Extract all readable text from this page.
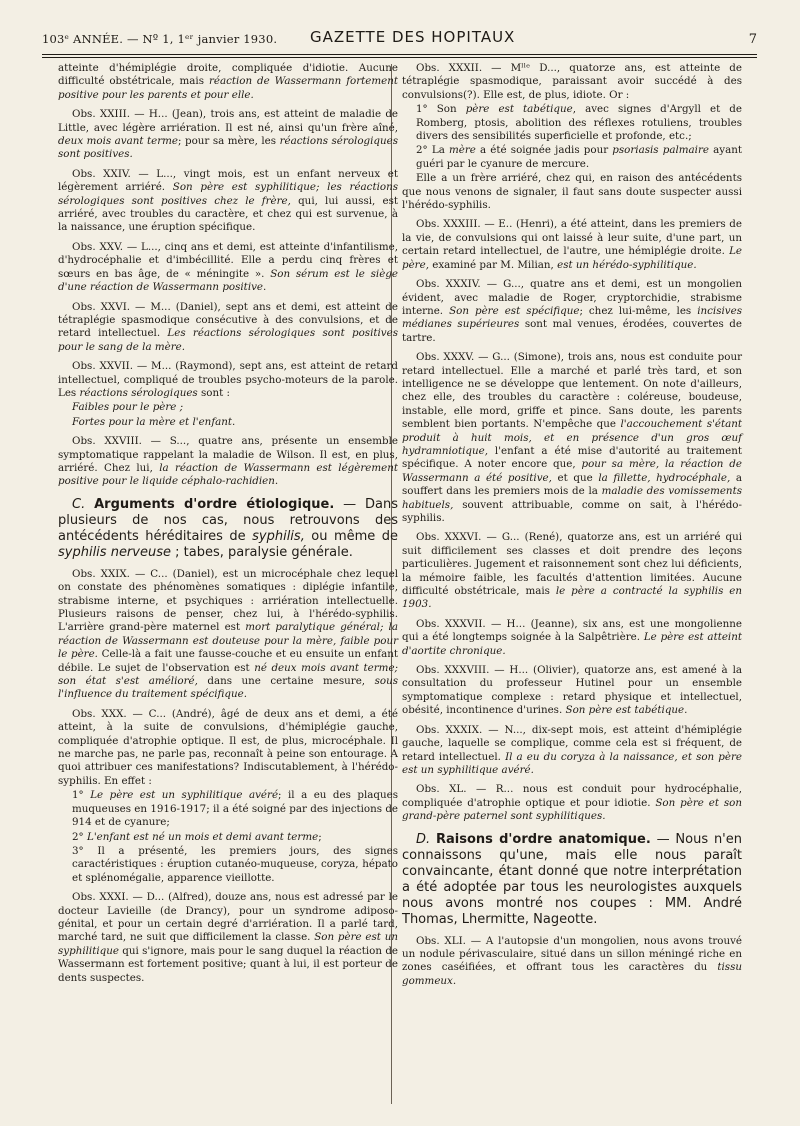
103ᵉ ANNÉE. — Nº 1, 1ᵉʳ janvier 1930. GAZETTE DES HOPITAUX	7

atteinte d'hémiplégie droite, compliquée d'idiotie. Aucune difficulté obstétricale, mais réaction de Wassermann fortement positive pour les parents et pour elle.

Obs. XXIII. — H... (Jean), trois ans, est atteint de maladie de Little, avec légère arriération. Il est né, ainsi qu'un frère aîné, deux mois avant terme; pour sa mère, les réactions sérologiques sont positives.

Obs. XXIV. — L..., vingt mois, est un enfant nerveux et légèrement arriéré. Son père est syphilitique; les réactions sérologiques sont positives chez le frère, qui, lui aussi, est arriéré, avec troubles du caractère, et chez qui est survenue, à la naissance, une éruption spécifique.

Obs. XXV. — L..., cinq ans et demi, est atteinte d'infantilisme, d'hydrocéphalie et d'imbécillité. Elle a perdu cinq frères et sœurs en bas âge, de « méningite ». Son sérum est le siège d'une réaction de Wassermann positive.

Obs. XXVI. — M... (Daniel), sept ans et demi, est atteint de tétraplégie spasmodique consécutive à des convulsions, et de retard intellectuel. Les réactions sérologiques sont positives pour le sang de la mère.

Obs. XXVII. — M... (Raymond), sept ans, est atteint de retard intellectuel, compliqué de troubles psycho-moteurs de la parole. Les réactions sérologiques sont :

Faibles pour le père ;

Fortes pour la mère et l'enfant.

Obs. XXVIII. — S..., quatre ans, présente un ensemble symptomatique rappelant la maladie de Wilson. Il est, en plus, arriéré. Chez lui, la réaction de Wassermann est légèrement positive pour le liquide céphalo-rachidien.

C. Arguments d'ordre étiologique. — Dans plusieurs de nos cas, nous retrouvons des antécédents héréditaires de syphilis, ou même de syphilis nerveuse ; tabes, paralysie générale.

Obs. XXIX. — C... (Daniel), est un microcéphale chez lequel on constate des phénomènes somatiques : diplégie infantile, strabisme interne, et psychiques : arriération intellectuelle. Plusieurs raisons de penser, chez lui, à l'hérédo-syphilis. L'arrière grand-père maternel est mort paralytique général; la réaction de Wassermann est douteuse pour la mère, faible pour le père. Celle-là a fait une fausse-couche et eu ensuite un enfant débile. Le sujet de l'observation est né deux mois avant terme; son état s'est amélioré, dans une certaine mesure, sous l'influence du traitement spécifique.

Obs. XXX. — C... (André), âgé de deux ans et demi, a été atteint, à la suite de convulsions, d'hémiplégie gauche, compliquée d'atrophie optique. Il est, de plus, microcéphale. Il ne marche pas, ne parle pas, reconnaît à peine son entourage. A quoi attribuer ces manifestations? Indiscutablement, à l'hérédo-syphilis. En effet :

1° Le père est un syphilitique avéré; il a eu des plaques muqueuses en 1916-1917; il a été soigné par des injections de 914 et de cyanure;

2° L'enfant est né un mois et demi avant terme;

3° Il a présenté, les premiers jours, des signes caractéristiques : éruption cutanéo-muqueuse, coryza, hépato et splénomégalie, apparence vieillotte.

Obs. XXXI. — D... (Alfred), douze ans, nous est adressé par le docteur Lavieille (de Drancy), pour un syndrome adiposo-génital, et pour un certain degré d'arriération. Il a parlé tard, marché tard, ne suit que difficilement la classe. Son père est un syphilitique qui s'ignore, mais pour le sang duquel la réaction de Wassermann est fortement positive; quant à lui, il est porteur de dents suspectes.

Obs. XXXII. — Mˡˡᵉ D..., quatorze ans, est atteinte de tétraplégie spasmodique, paraissant avoir succédé à des convulsions(?). Elle est, de plus, idiote. Or :

1° Son père est tabétique, avec signes d'Argyll et de Romberg, ptosis, abolition des réflexes rotuliens, troubles divers des sensibilités superficielle et profonde, etc.;

2° La mère a été soignée jadis pour psoriasis palmaire ayant guéri par le cyanure de mercure.

Elle a un frère arriéré, chez qui, en raison des antécédents que nous venons de signaler, il faut sans doute suspecter aussi l'hérédo-syphilis.

Obs. XXXIII. — E.. (Henri), a été atteint, dans les premiers de la vie, de convulsions qui ont laissé à leur suite, d'une part, un certain retard intellectuel, de l'autre, une hémiplégie droite. Le père, examiné par M. Milian, est un hérédo-syphilitique.

Obs. XXXIV. — G..., quatre ans et demi, est un mongolien évident, avec maladie de Roger, cryptorchidie, strabisme interne. Son père est spécifique; chez lui-même, les incisives médianes supérieures sont mal venues, érodées, couvertes de tartre.

Obs. XXXV. — G... (Simone), trois ans, nous est conduite pour retard intellectuel. Elle a marché et parlé très tard, et son intelligence ne se développe que lentement. On note d'ailleurs, chez elle, des troubles du caractère : coléreuse, boudeuse, instable, elle mord, griffe et pince. Sans doute, les parents semblent bien portants. N'empêche que l'accouchement s'étant produit à huit mois, et en présence d'un gros œuf hydramniotique, l'enfant a été mise d'autorité au traitement spécifique. A noter encore que, pour sa mère, la réaction de Wassermann a été positive, et que la fillette, hydrocéphale, a souffert dans les premiers mois de la maladie des vomissements habituels, souvent attribuable, comme on sait, à l'hérédo-syphilis.

Obs. XXXVI. — G... (René), quatorze ans, est un arriéré qui suit difficilement ses classes et doit prendre des leçons particulières. Jugement et raisonnement sont chez lui déficients, la mémoire faible, les facultés d'attention limitées. Aucune difficulté obstétricale, mais le père a contracté la syphilis en 1903.

Obs. XXXVII. — H... (Jeanne), six ans, est une mongolienne qui a été longtemps soignée à la Salpêtrière. Le père est atteint d'aortite chronique.

Obs. XXXVIII. — H... (Olivier), quatorze ans, est amené à la consultation du professeur Hutinel pour un ensemble symptomatique complexe : retard physique et intellectuel, obésité, incontinence d'urines. Son père est tabétique.

Obs. XXXIX. — N..., dix-sept mois, est atteint d'hémiplégie gauche, laquelle se complique, comme cela est si fréquent, de retard intellectuel. Il a eu du coryza à la naissance, et son père est un syphilitique avéré.

Obs. XL. — R... nous est conduit pour hydrocéphalie, compliquée d'atrophie optique et pour idiotie. Son père et son grand-père paternel sont syphilitiques.

D. Raisons d'ordre anatomique. — Nous n'en connaissons qu'une, mais elle nous paraît convaincante, étant donné que notre interprétation a été adoptée par tous les neurologistes auxquels nous avons montré nos coupes : MM. André Thomas, Lhermitte, Nageotte.

Obs. XLI. — A l'autopsie d'un mongolien, nous avons trouvé un nodule périvasculaire, situé dans un sillon méningé riche en zones caséifiées, et offrant tous les caractères du tissu gommeux.
